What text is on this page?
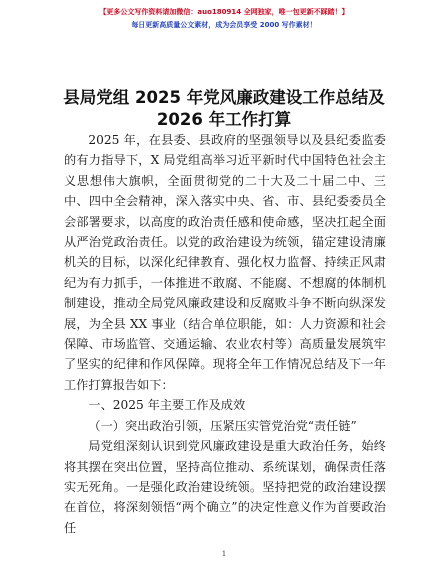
【更多公文写作资料请加微信：auo180914 全网独家，唯一包更新不踩踏！】
每日更新高质量公文素材，成为会员享受 2000 写作素材！
县局党组 2025 年党风廉政建设工作总结及
2026 年工作打算

2025 年，在县委、县政府的坚强领导以及县纪委监委的有力指导下，X 局党组高举习近平新时代中国特色社会主义思想伟大旗帜，全面贯彻党的二十大及二十届二中、三中、四中全会精神，深入落实中央、省、市、县纪委委员全会部署要求，以高度的政治责任感和使命感，坚决扛起全面从严治党政治责任。以党的政治建设为统领，锚定建设清廉机关的目标，以深化纪律教育、强化权力监督、持续正风肃纪为有力抓手，一体推进不敢腐、不能腐、不想腐的体制机制建设，推动全局党风廉政建设和反腐败斗争不断向纵深发展，为全县 XX 事业（结合单位职能，如：人力资源和社会保障、市场监管、交通运输、农业农村等）高质量发展筑牢了坚实的纪律和作风保障。现将全年工作情况总结及下一年工作打算报告如下：

一、2025 年主要工作及成效

（一）突出政治引领，压紧压实管党治党“责任链”

局党组深刻认识到党风廉政建设是重大政治任务，始终将其摆在突出位置，坚持高位推动、系统谋划，确保责任落实无死角。一是强化政治建设统领。坚持把党的政治建设摆在首位，将深刻领悟“两个确立”的决定性意义作为首要政治任

1
